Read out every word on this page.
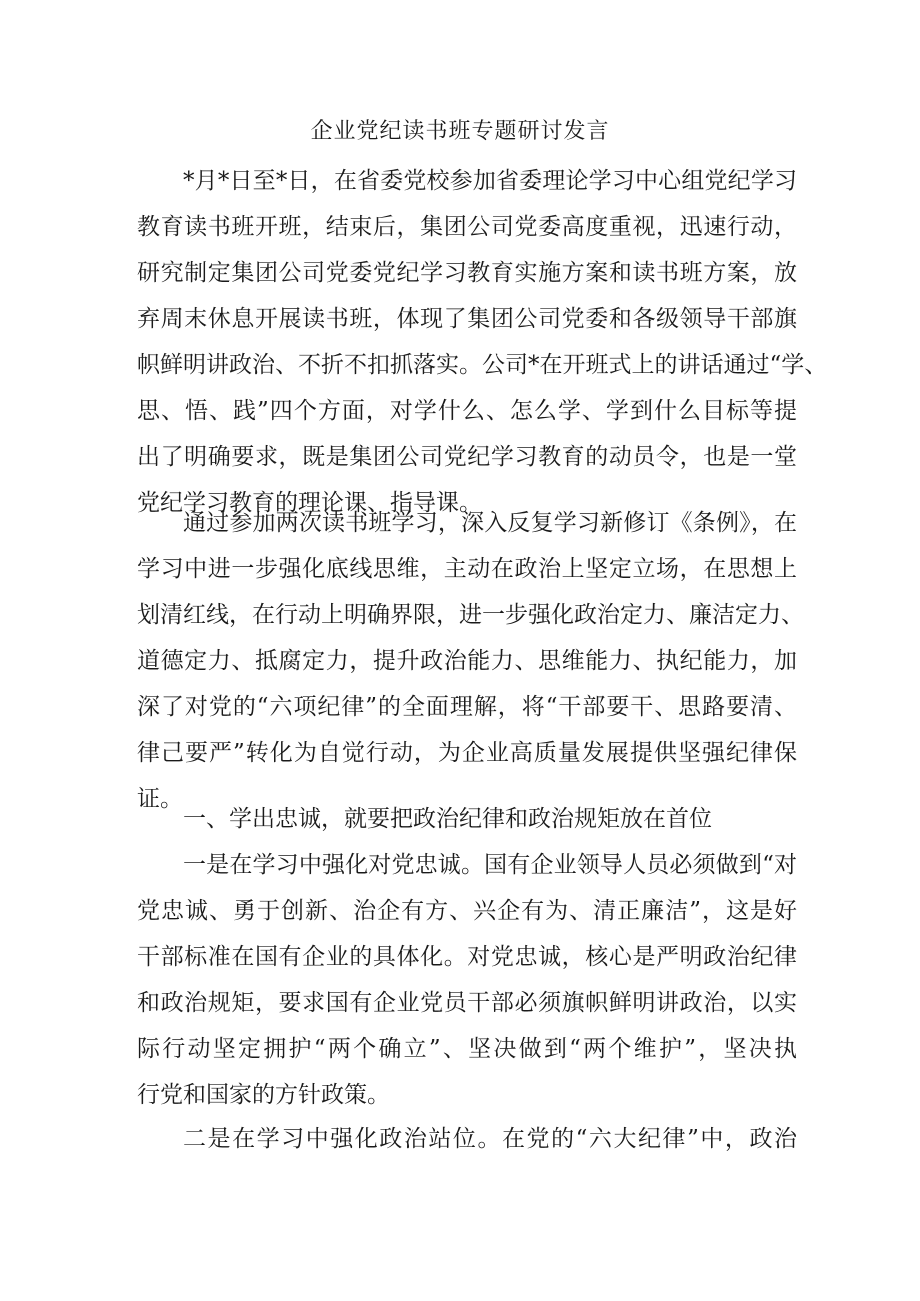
企业党纪读书班专题研讨发言

*月*日至*日，在省委党校参加省委理论学习中心组党纪学习
教育读书班开班，结束后，集团公司党委高度重视，迅速行动，
研究制定集团公司党委党纪学习教育实施方案和读书班方案，放
弃周末休息开展读书班，体现了集团公司党委和各级领导干部旗
帜鲜明讲政治、不折不扣抓落实。公司*在开班式上的讲话通过“学、
思、悟、践”四个方面，对学什么、怎么学、学到什么目标等提
出了明确要求，既是集团公司党纪学习教育的动员令，也是一堂
党纪学习教育的理论课、指导课。

通过参加两次读书班学习，深入反复学习新修订《条例》，在
学习中进一步强化底线思维，主动在政治上坚定立场，在思想上
划清红线，在行动上明确界限，进一步强化政治定力、廉洁定力、
道德定力、抵腐定力，提升政治能力、思维能力、执纪能力，加
深了对党的“六项纪律”的全面理解，将“干部要干、思路要清、
律己要严”转化为自觉行动，为企业高质量发展提供坚强纪律保
证。

一、学出忠诚，就要把政治纪律和政治规矩放在首位

一是在学习中强化对党忠诚。国有企业领导人员必须做到“对
党忠诚、勇于创新、治企有方、兴企有为、清正廉洁”，这是好
干部标准在国有企业的具体化。对党忠诚，核心是严明政治纪律
和政治规矩，要求国有企业党员干部必须旗帜鲜明讲政治，以实
际行动坚定拥护“两个确立”、坚决做到“两个维护”，坚决执
行党和国家的方针政策。

二是在学习中强化政治站位。在党的“六大纪律”中，政治
